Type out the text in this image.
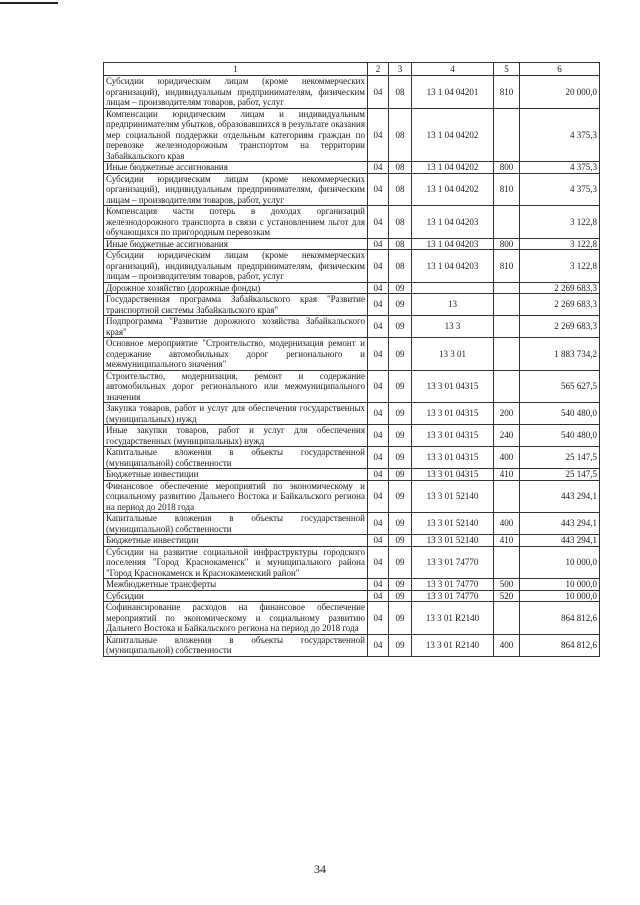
1	2	3	4	5	6
Субсидии юридическим лицам (кроме некоммерческих организаций), индивидуальным предпринимателям, физическим лицам – производителям товаров, работ, услуг	04	08	13 1 04 04201	810	20 000,0
Компенсации юридическим лицам и индивидуальным предпринимателям убытков, образовавшихся в результате оказания мер социальной поддержки отдельным категориям граждан по перевозке железнодорожным транспортом на территории Забайкальского края	04	08	13 1 04 04202		4 375,3
Иные бюджетные ассигнования	04	08	13 1 04 04202	800	4 375,3
Субсидии юридическим лицам (кроме некоммерческих организаций), индивидуальным предпринимателям, физическим лицам – производителям товаров, работ, услуг	04	08	13 1 04 04202	810	4 375,3
Компенсация части потерь в доходах организаций железнодорожного транспорта в связи с установлением льгот для обучающихся по пригородным перевозкам	04	08	13 1 04 04203		3 122,8
Иные бюджетные ассигнования	04	08	13 1 04 04203	800	3 122,8
Субсидии юридическим лицам (кроме некоммерческих организаций), индивидуальным предпринимателям, физическим лицам – производителям товаров, работ, услуг	04	08	13 1 04 04203	810	3 122,8
Дорожное хозяйство (дорожные фонды)	04	09			2 269 683,3
Государственная программа Забайкальского края "Развитие транспортной системы Забайкальского края"	04	09	13		2 269 683,3
Подпрограмма "Развитие дорожного хозяйства Забайкальского края"	04	09	13 3		2 269 683,3
Основное мероприятие "Строительство, модернизация ремонт и содержание автомобильных дорог регионального и межмуниципального значения"	04	09	13 3 01		1 883 734,2
Строительство, модернизация, ремонт и содержание автомобильных дорог регионального или межмуниципального значения	04	09	13 3 01 04315		565 627,5
Закупка товаров, работ и услуг для обеспечения государственных (муниципальных) нужд	04	09	13 3 01 04315	200	540 480,0
Иные закупки товаров, работ и услуг для обеспечения государственных (муниципальных) нужд	04	09	13 3 01 04315	240	540 480,0
Капитальные вложения в объекты государственной (муниципальной) собственности	04	09	13 3 01 04315	400	25 147,5
Бюджетные инвестиции	04	09	13 3 01 04315	410	25 147,5
Финансовое обеспечение мероприятий по экономическому и социальному развитию Дальнего Востока и Байкальского региона на период до 2018 года	04	09	13 3 01 52140		443 294,1
Капитальные вложения в объекты государственной (муниципальной) собственности	04	09	13 3 01 52140	400	443 294,1
Бюджетные инвестиции	04	09	13 3 01 52140	410	443 294,1
Субсидии на развитие социальной инфраструктуры городского поселения "Город Краснокаменск" и муниципального района "Город Краснокаменск и Краснокаменский район"	04	09	13 3 01 74770		10 000,0
Межбюджетные трансферты	04	09	13 3 01 74770	500	10 000,0
Субсидии	04	09	13 3 01 74770	520	10 000,0
Софинансирование расходов на финансовое обеспечение мероприятий по экономическому и социальному развитию Дальнего Востока и Байкальского региона на период до 2018 года	04	09	13 3 01 R2140		864 812,6
Капитальные вложения в объекты государственной (муниципальной) собственности	04	09	13 3 01 R2140	400	864 812,6
34
